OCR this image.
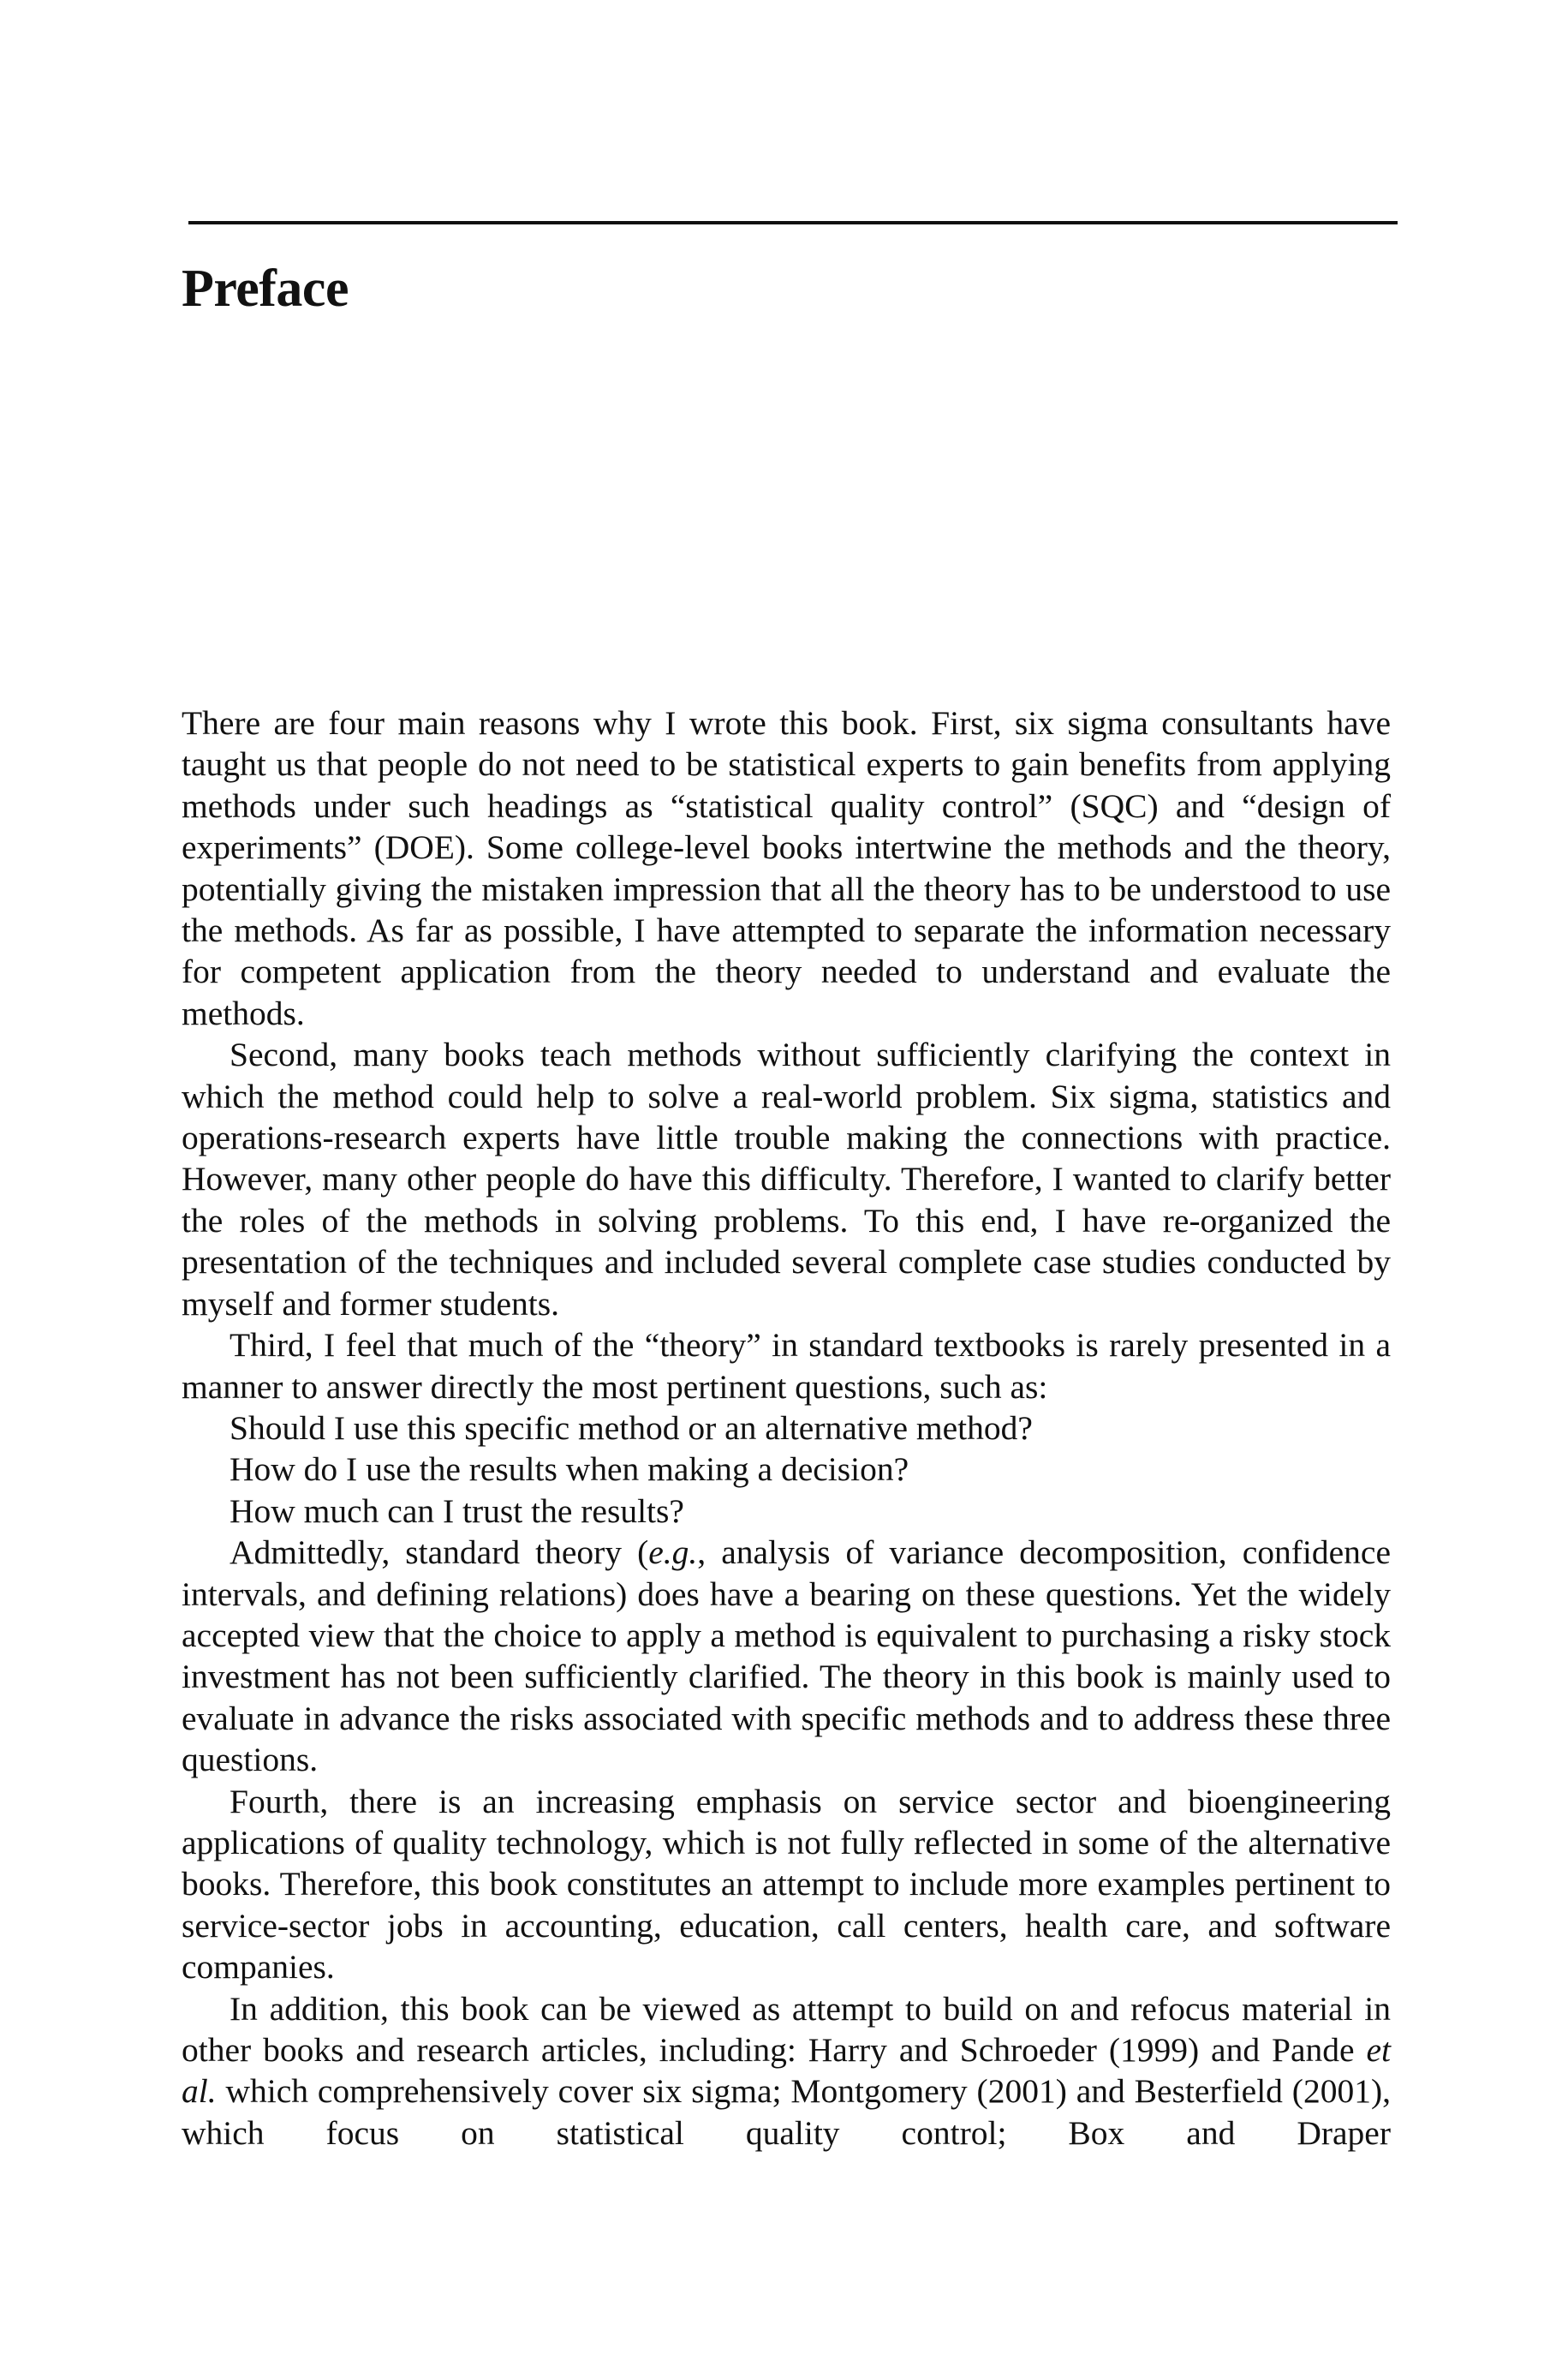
Preface

There are four main reasons why I wrote this book. First, six sigma consultants have taught us that people do not need to be statistical experts to gain benefits from applying methods under such headings as “statistical quality control” (SQC) and “design of experiments” (DOE). Some college-level books intertwine the methods and the theory, potentially giving the mistaken impression that all the theory has to be understood to use the methods. As far as possible, I have attempted to separate the information necessary for competent application from the theory needed to understand and evaluate the methods.

Second, many books teach methods without sufficiently clarifying the context in which the method could help to solve a real-world problem. Six sigma, statistics and operations-research experts have little trouble making the connections with practice. However, many other people do have this difficulty. Therefore, I wanted to clarify better the roles of the methods in solving problems. To this end, I have re-organized the presentation of the techniques and included several complete case studies conducted by myself and former students.

Third, I feel that much of the “theory” in standard textbooks is rarely presented in a manner to answer directly the most pertinent questions, such as:

Should I use this specific method or an alternative method?

How do I use the results when making a decision?

How much can I trust the results?

Admittedly, standard theory (e.g., analysis of variance decomposition, confidence intervals, and defining relations) does have a bearing on these questions. Yet the widely accepted view that the choice to apply a method is equivalent to purchasing a risky stock investment has not been sufficiently clarified. The theory in this book is mainly used to evaluate in advance the risks associated with specific methods and to address these three questions.

Fourth, there is an increasing emphasis on service sector and bioengineering applications of quality technology, which is not fully reflected in some of the alternative books. Therefore, this book constitutes an attempt to include more examples pertinent to service-sector jobs in accounting, education, call centers, health care, and software companies.

In addition, this book can be viewed as attempt to build on and refocus material in other books and research articles, including: Harry and Schroeder (1999) and Pande et al. which comprehensively cover six sigma; Montgomery (2001) and Besterfield (2001), which focus on statistical quality control; Box and Draper
